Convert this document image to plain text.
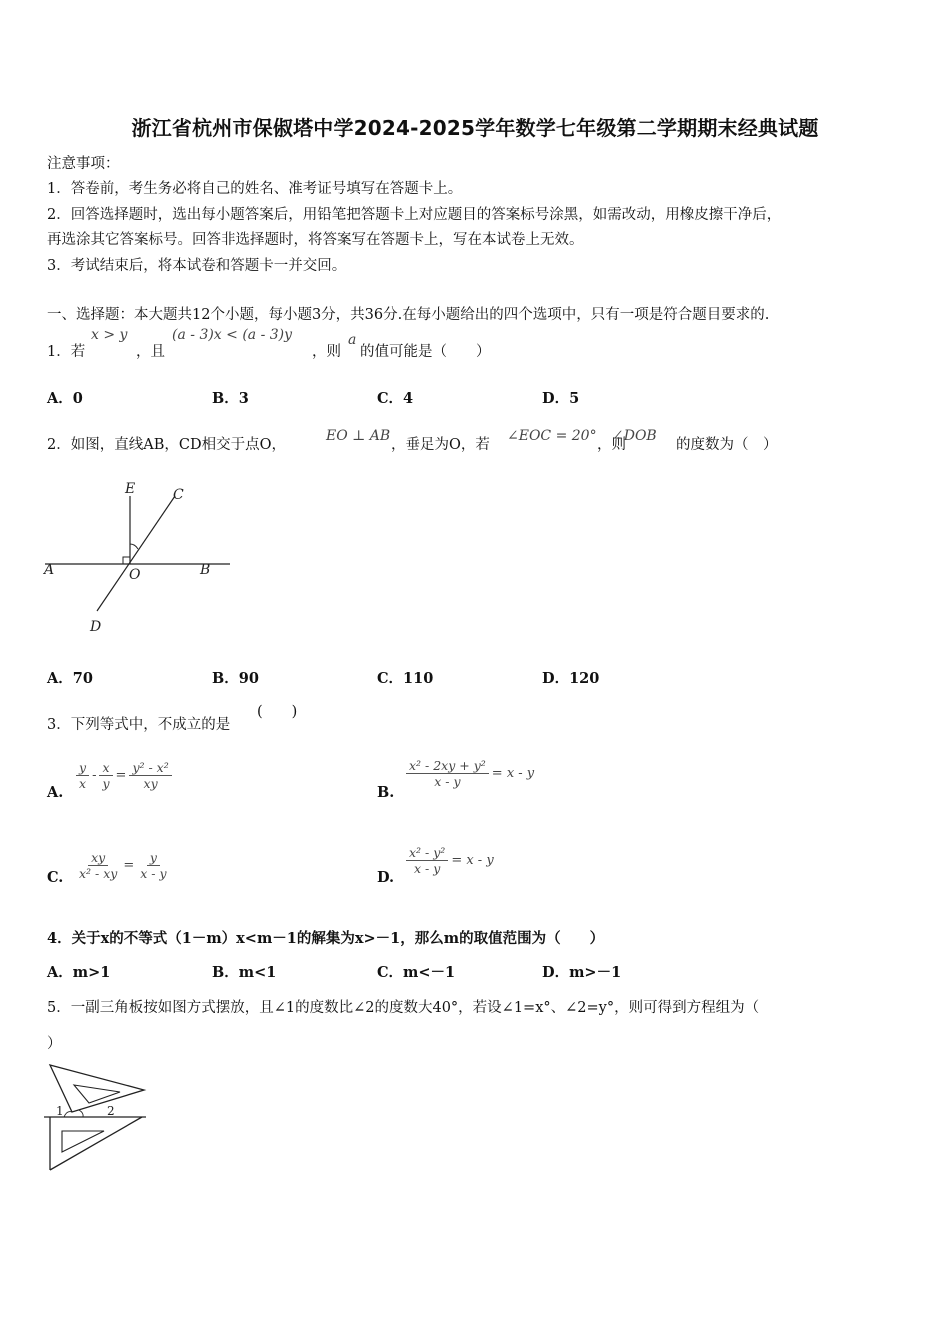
浙江省杭州市保俶塔中学2024-2025学年数学七年级第二学期期末经典试题
注意事项：
1．答卷前，考生务必将自己的姓名、准考证号填写在答题卡上。
2．回答选择题时，选出每小题答案后，用铅笔把答题卡上对应题目的答案标号涂黑，如需改动，用橡皮擦干净后，
再选涂其它答案标号。回答非选择题时，将答案写在答题卡上，写在本试卷上无效。
3．考试结束后，将本试卷和答题卡一并交回。
一、选择题：本大题共12个小题，每小题3分，共36分.在每小题给出的四个选项中，只有一项是符合题目要求的.
1．若
x > y
，且
(a - 3)x < (a - 3)y
，则
a
的值可能是（　　）
A．0	B．3	C．4	D．5
2．如图，直线AB，CD相交于点O，
EO ⊥ AB
，垂足为O，若
∠EOC = 20°
，则
∠DOB
的度数为（　）
E	C
A	O	B
D
A．70	B．90	C．110	D．120
3．下列等式中，不成立的是
(　　)
A.
$\frac{y}{x} - \frac{x}{y} = \frac{\text{y² - x²}}{xy}$
B.
$\frac{\text{x² - 2xy + y²}}{x - y} = x - y$
C. $\frac{xy}{\text{x² - xy}} = \frac{y}{x - y}$	D.
$\frac{\text{x² - y²}}{x - y} = x - y$
4．关于x的不等式（1－m）x<m－1的解集为x>－1，那么m的取值范围为（　　）
A．m>1	B．m<1	C．m<－1	D．m>－1
5．一副三角板按如图方式摆放，且∠1的度数比∠2的度数大40°，若设∠1=x°、∠2=y°，则可得到方程组为（
）
1	2
